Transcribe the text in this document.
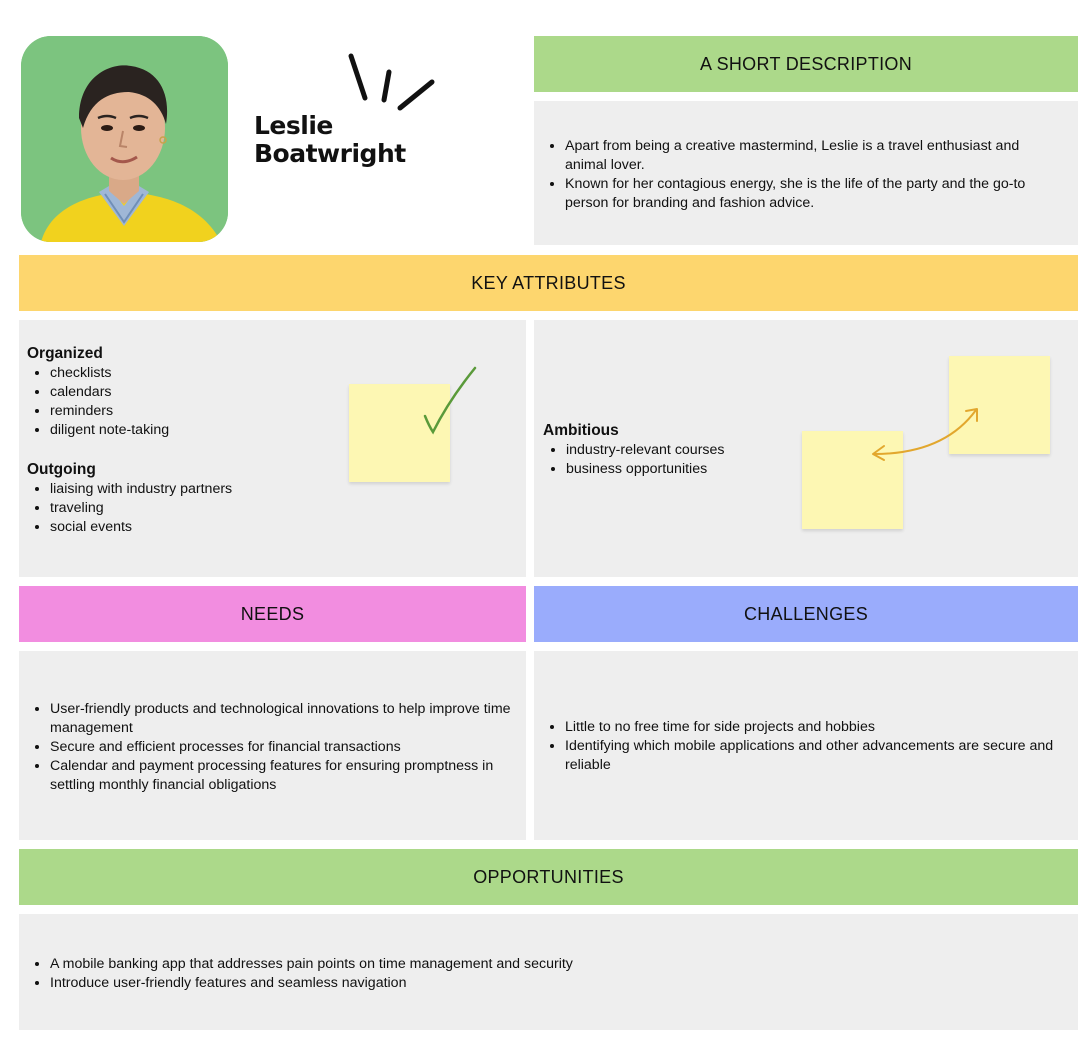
Leslie
Boatwright
A SHORT DESCRIPTION
• Apart from being a creative mastermind, Leslie is a travel enthusiast and animal lover.
• Known for her contagious energy, she is the life of the party and the go-to person for branding and fashion advice.
KEY ATTRIBUTES
Organized
• checklists
• calendars
• reminders
• diligent note-taking
Outgoing
• liaising with industry partners
• traveling
• social events
Ambitious
• industry-relevant courses
• business opportunities
NEEDS
• User-friendly products and technological innovations to help improve time management
• Secure and efficient processes for financial transactions
• Calendar and payment processing features for ensuring promptness in settling monthly financial obligations
CHALLENGES
• Little to no free time for side projects and hobbies
• Identifying which mobile applications and other advancements are secure and reliable
OPPORTUNITIES
• A mobile banking app that addresses pain points on time management and security
• Introduce user-friendly features and seamless navigation
